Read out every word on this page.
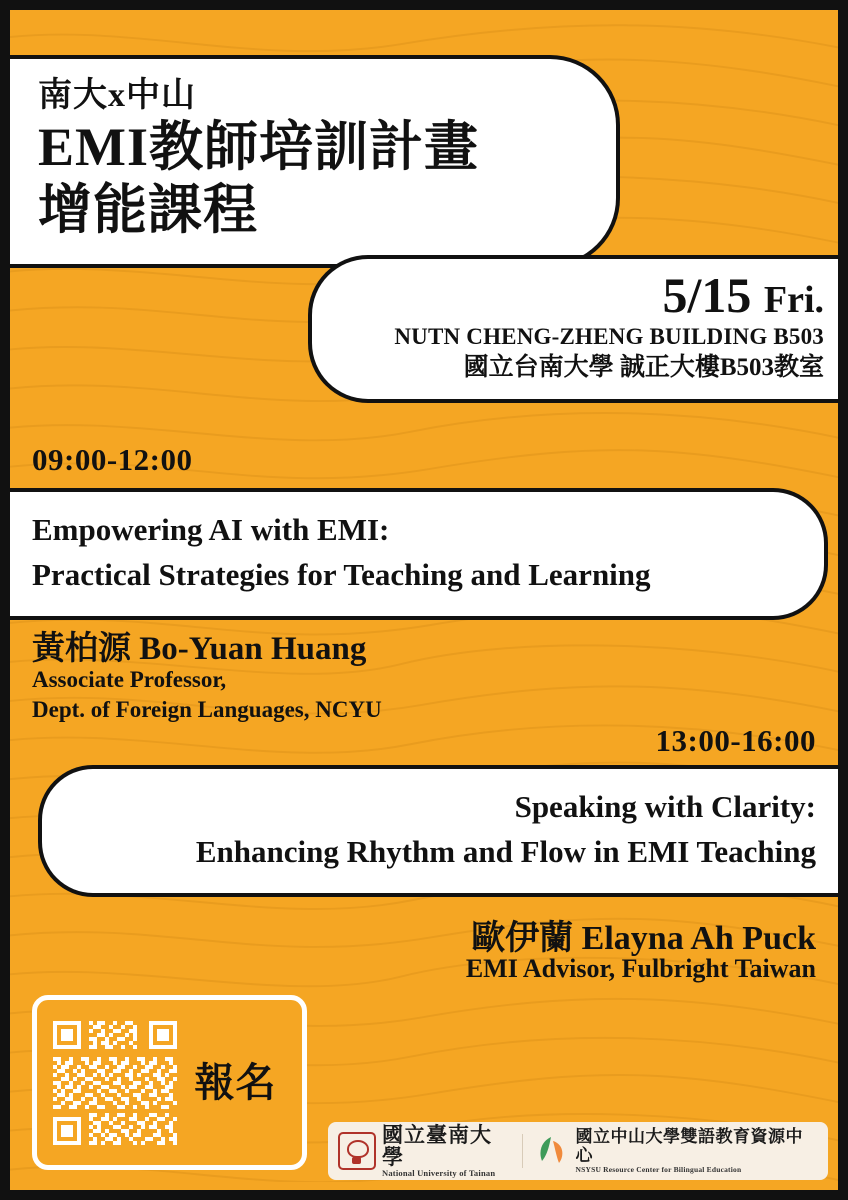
南大x中山
EMI教師培訓計畫
增能課程
5/15 Fri.
NUTN CHENG-ZHENG BUILDING B503
國立台南大學 誠正大樓B503教室
09:00-12:00
Empowering AI with EMI:
Practical Strategies for Teaching and Learning
黃柏源 Bo-Yuan Huang
Associate Professor,
Dept. of Foreign Languages, NCYU
13:00-16:00
Speaking with Clarity:
Enhancing Rhythm and Flow in EMI Teaching
歐伊蘭 Elayna Ah Puck
EMI Advisor, Fulbright Taiwan
報名
國立臺南大學
National University of Tainan
國立中山大學雙語教育資源中心
NSYSU Resource Center for Bilingual Education
